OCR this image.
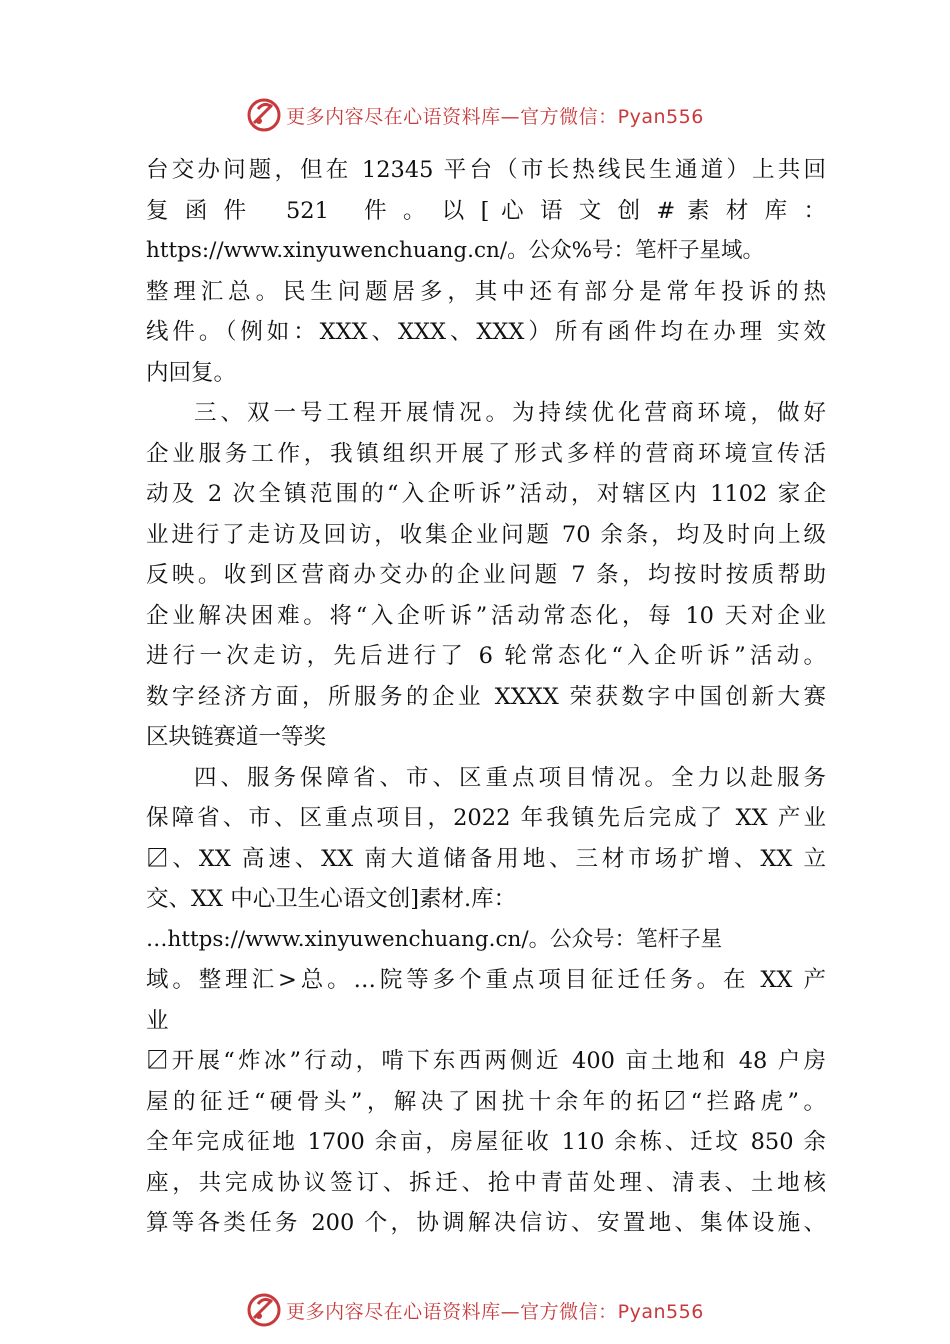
更多内容尽在心语资料库—官方微信：Pyan556
台交办问题，但在 12345 平台（市长热线民生通道）上共回
复 函 件   521   件 。 以 [ 心 语 文 创 # 素 材 库 ：
https://www.xinyuwenchuang.cn/。公众%号：笔杆子星域。
整理汇总。民生问题居多，其中还有部分是常年投诉的热
线件。（例如：XXX、XXX、XXX）所有函件均在办理 实效
内回复。
三、双一号工程开展情况。为持续优化营商环境，做好
企业服务工作，我镇组织开展了形式多样的营商环境宣传活
动及 2 次全镇范围的“入企听诉”活动，对辖区内 1102 家企
业进行了走访及回访，收集企业问题 70 余条，均及时向上级
反映。收到区营商办交办的企业问题 7 条，均按时按质帮助
企业解决困难。将“入企听诉”活动常态化，每 10 天对企业
进行一次走访，先后进行了 6 轮常态化“入企听诉”活动。
数字经济方面，所服务的企业 XXXX 荣获数字中国创新大赛
区块链赛道一等奖
四、服务保障省、市、区重点项目情况。全力以赴服务
保障省、市、区重点项目，2022 年我镇先后完成了 XX 产业
〼、XX 高速、XX 南大道储备用地、三材市场扩增、XX 立
交、XX 中心卫生心语文创]素材.库：
…https://www.xinyuwenchuang.cn/。公众号：笔杆子星
域。整理汇>总。…院等多个重点项目征迁任务。在 XX 产
业
〼开展“炸冰”行动，啃下东西两侧近 400 亩土地和 48 户房
屋的征迁“硬骨头”，解决了困扰十余年的拓〼“拦路虎”。
全年完成征地 1700 余亩，房屋征收 110 余栋、迁坟 850 余
座，共完成协议签订、拆迁、抢中青苗处理、清表、土地核
算等各类任务 200 个，协调解决信访、安置地、集体设施、
更多内容尽在心语资料库—官方微信：Pyan556
